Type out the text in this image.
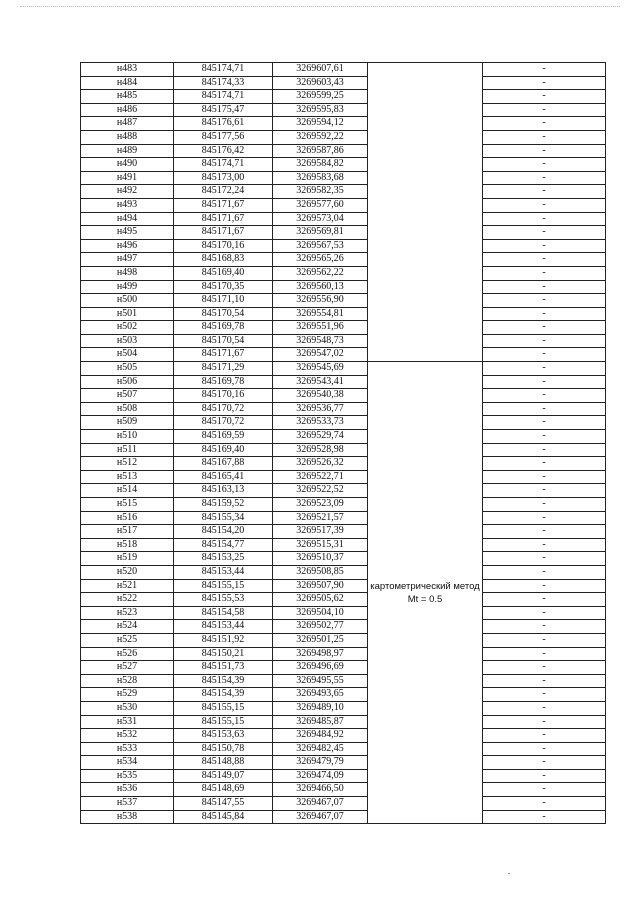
н483	845174,71	3269607,61		-
н484	845174,33	3269603,43		-
н485	845174,71	3269599,25		-
н486	845175,47	3269595,83		-
н487	845176,61	3269594,12		-
н488	845177,56	3269592,22		-
н489	845176,42	3269587,86		-
н490	845174,71	3269584,82		-
н491	845173,00	3269583,68		-
н492	845172,24	3269582,35		-
н493	845171,67	3269577,60		-
н494	845171,67	3269573,04		-
н495	845171,67	3269569,81		-
н496	845170,16	3269567,53		-
н497	845168,83	3269565,26		-
н498	845169,40	3269562,22		-
н499	845170,35	3269560,13		-
н500	845171,10	3269556,90		-
н501	845170,54	3269554,81		-
н502	845169,78	3269551,96		-
н503	845170,54	3269548,73		-
н504	845171,67	3269547,02		-
н505	845171,29	3269545,69		-
н506	845169,78	3269543,41		-
н507	845170,16	3269540,38		-
н508	845170,72	3269536,77		-
н509	845170,72	3269533,73		-
н510	845169,59	3269529,74		-
н511	845169,40	3269528,98		-
н512	845167,88	3269526,32		-
н513	845165,41	3269522,71		-
н514	845163,13	3269522,52		-
н515	845159,52	3269523,09		-
н516	845155,34	3269521,57		-
н517	845154,20	3269517,39		-
н518	845154,77	3269515,31		-
н519	845153,25	3269510,37		-
н520	845153,44	3269508,85		-
н521	845155,15	3269507,90	картометрический метод Mt = 0.5	-
н522	845155,53	3269505,62		-
н523	845154,58	3269504,10		-
н524	845153,44	3269502,77		-
н525	845151,92	3269501,25		-
н526	845150,21	3269498,97		-
н527	845151,73	3269496,69		-
н528	845154,39	3269495,55		-
н529	845154,39	3269493,65		-
н530	845155,15	3269489,10		-
н531	845155,15	3269485,87		-
н532	845153,63	3269484,92		-
н533	845150,78	3269482,45		-
н534	845148,88	3269479,79		-
н535	845149,07	3269474,09		-
н536	845148,69	3269466,50		-
н537	845147,55	3269467,07		-
н538	845145,84	3269467,07		-
